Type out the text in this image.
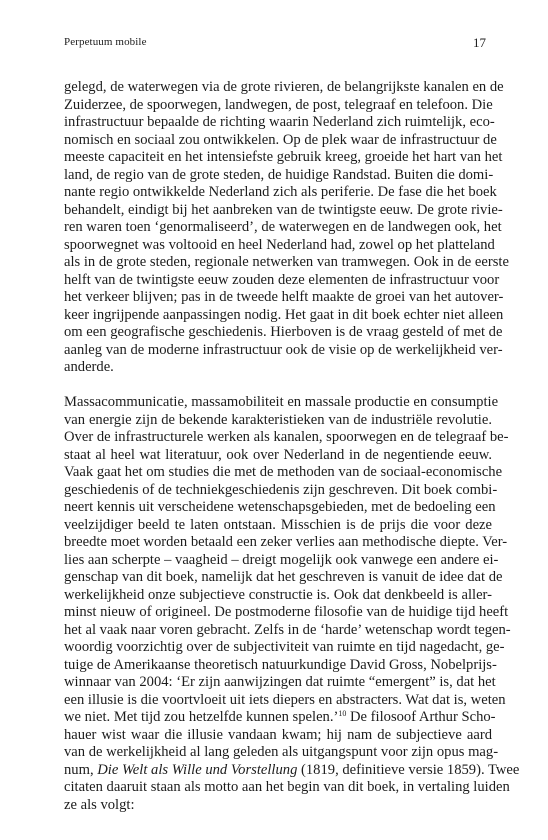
Perpetuum mobile	17
gelegd, de waterwegen via de grote rivieren, de belangrijkste kanalen en de
Zuiderzee, de spoorwegen, landwegen, de post, telegraaf en telefoon. Die
infrastructuur bepaalde de richting waarin Nederland zich ruimtelijk, eco-
nomisch en sociaal zou ontwikkelen. Op de plek waar de infrastructuur de
meeste capaciteit en het intensiefste gebruik kreeg, groeide het hart van het
land, de regio van de grote steden, de huidige Randstad. Buiten die domi-
nante regio ontwikkelde Nederland zich als periferie. De fase die het boek
behandelt, eindigt bij het aanbreken van de twintigste eeuw. De grote rivie-
ren waren toen ‘genormaliseerd’, de waterwegen en de landwegen ook, het
spoorwegnet was voltooid en heel Nederland had, zowel op het platteland
als in de grote steden, regionale netwerken van tramwegen. Ook in de eerste
helft van de twintigste eeuw zouden deze elementen de infrastructuur voor
het verkeer blijven; pas in de tweede helft maakte de groei van het autover-
keer ingrijpende aanpassingen nodig. Het gaat in dit boek echter niet alleen
om een geografische geschiedenis. Hierboven is de vraag gesteld of met de
aanleg van de moderne infrastructuur ook de visie op de werkelijkheid ver-
anderde.
Massacommunicatie, massamobiliteit en massale productie en consumptie
van energie zijn de bekende karakteristieken van de industriële revolutie.
Over de infrastructurele werken als kanalen, spoorwegen en de telegraaf be-
staat al heel wat literatuur, ook over Nederland in de negentiende eeuw.
Vaak gaat het om studies die met de methoden van de sociaal-economische
geschiedenis of de techniekgeschiedenis zijn geschreven. Dit boek combi-
neert kennis uit verscheidene wetenschapsgebieden, met de bedoeling een
veelzijdiger beeld te laten ontstaan. Misschien is de prijs die voor deze
breedte moet worden betaald een zeker verlies aan methodische diepte. Ver-
lies aan scherpte – vaagheid – dreigt mogelijk ook vanwege een andere ei-
genschap van dit boek, namelijk dat het geschreven is vanuit de idee dat de
werkelijkheid onze subjectieve constructie is. Ook dat denkbeeld is aller-
minst nieuw of origineel. De postmoderne filosofie van de huidige tijd heeft
het al vaak naar voren gebracht. Zelfs in de ‘harde’ wetenschap wordt tegen-
woordig voorzichtig over de subjectiviteit van ruimte en tijd nagedacht, ge-
tuige de Amerikaanse theoretisch natuurkundige David Gross, Nobelprijs-
winnaar van 2004: ‘Er zijn aanwijzingen dat ruimte “emergent” is, dat het
een illusie is die voortvloeit uit iets diepers en abstracters. Wat dat is, weten
we niet. Met tijd zou hetzelfde kunnen spelen.’$^{10}$ De filosoof Arthur Scho-
hauer wist waar die illusie vandaan kwam; hij nam de subjectieve aard
van de werkelijkheid al lang geleden als uitgangspunt voor zijn opus mag-
num, Die Welt als Wille und Vorstellung (1819, definitieve versie 1859). Twee
citaten daaruit staan als motto aan het begin van dit boek, in vertaling luiden
ze als volgt:
